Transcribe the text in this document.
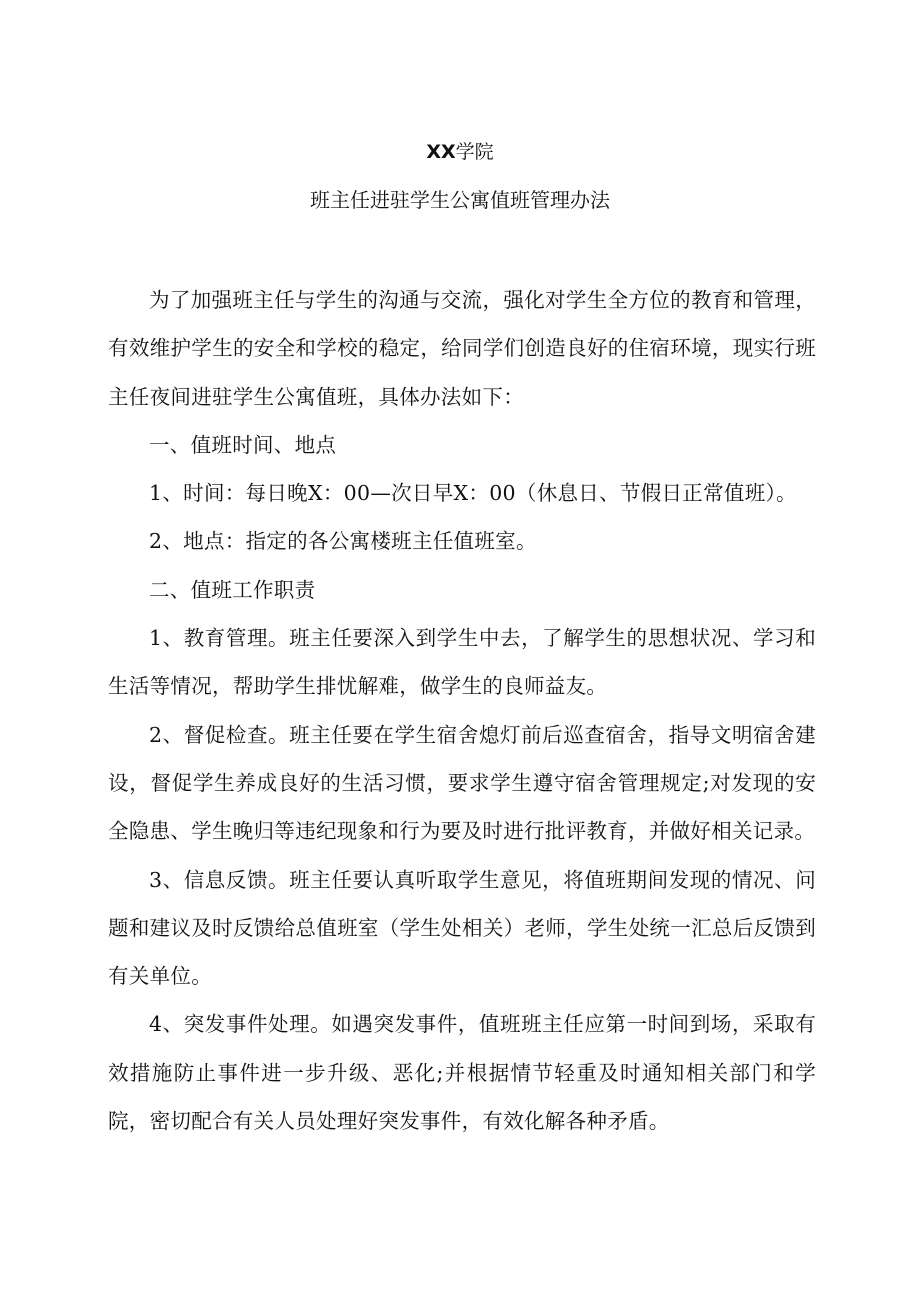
XX学院
班主任进驻学生公寓值班管理办法

为了加强班主任与学生的沟通与交流，强化对学生全方位的教育和管理，有效维护学生的安全和学校的稳定，给同学们创造良好的住宿环境，现实行班主任夜间进驻学生公寓值班，具体办法如下：

一、值班时间、地点

1、时间：每日晚X：00—次日早X：00（休息日、节假日正常值班）。

2、地点：指定的各公寓楼班主任值班室。

二、值班工作职责

1、教育管理。班主任要深入到学生中去，了解学生的思想状况、学习和生活等情况，帮助学生排忧解难，做学生的良师益友。

2、督促检查。班主任要在学生宿舍熄灯前后巡查宿舍，指导文明宿舍建设，督促学生养成良好的生活习惯，要求学生遵守宿舍管理规定;对发现的安全隐患、学生晚归等违纪现象和行为要及时进行批评教育，并做好相关记录。

3、信息反馈。班主任要认真听取学生意见，将值班期间发现的情况、问题和建议及时反馈给总值班室（学生处相关）老师，学生处统一汇总后反馈到有关单位。

4、突发事件处理。如遇突发事件，值班班主任应第一时间到场，采取有效措施防止事件进一步升级、恶化;并根据情节轻重及时通知相关部门和学院，密切配合有关人员处理好突发事件，有效化解各种矛盾。
